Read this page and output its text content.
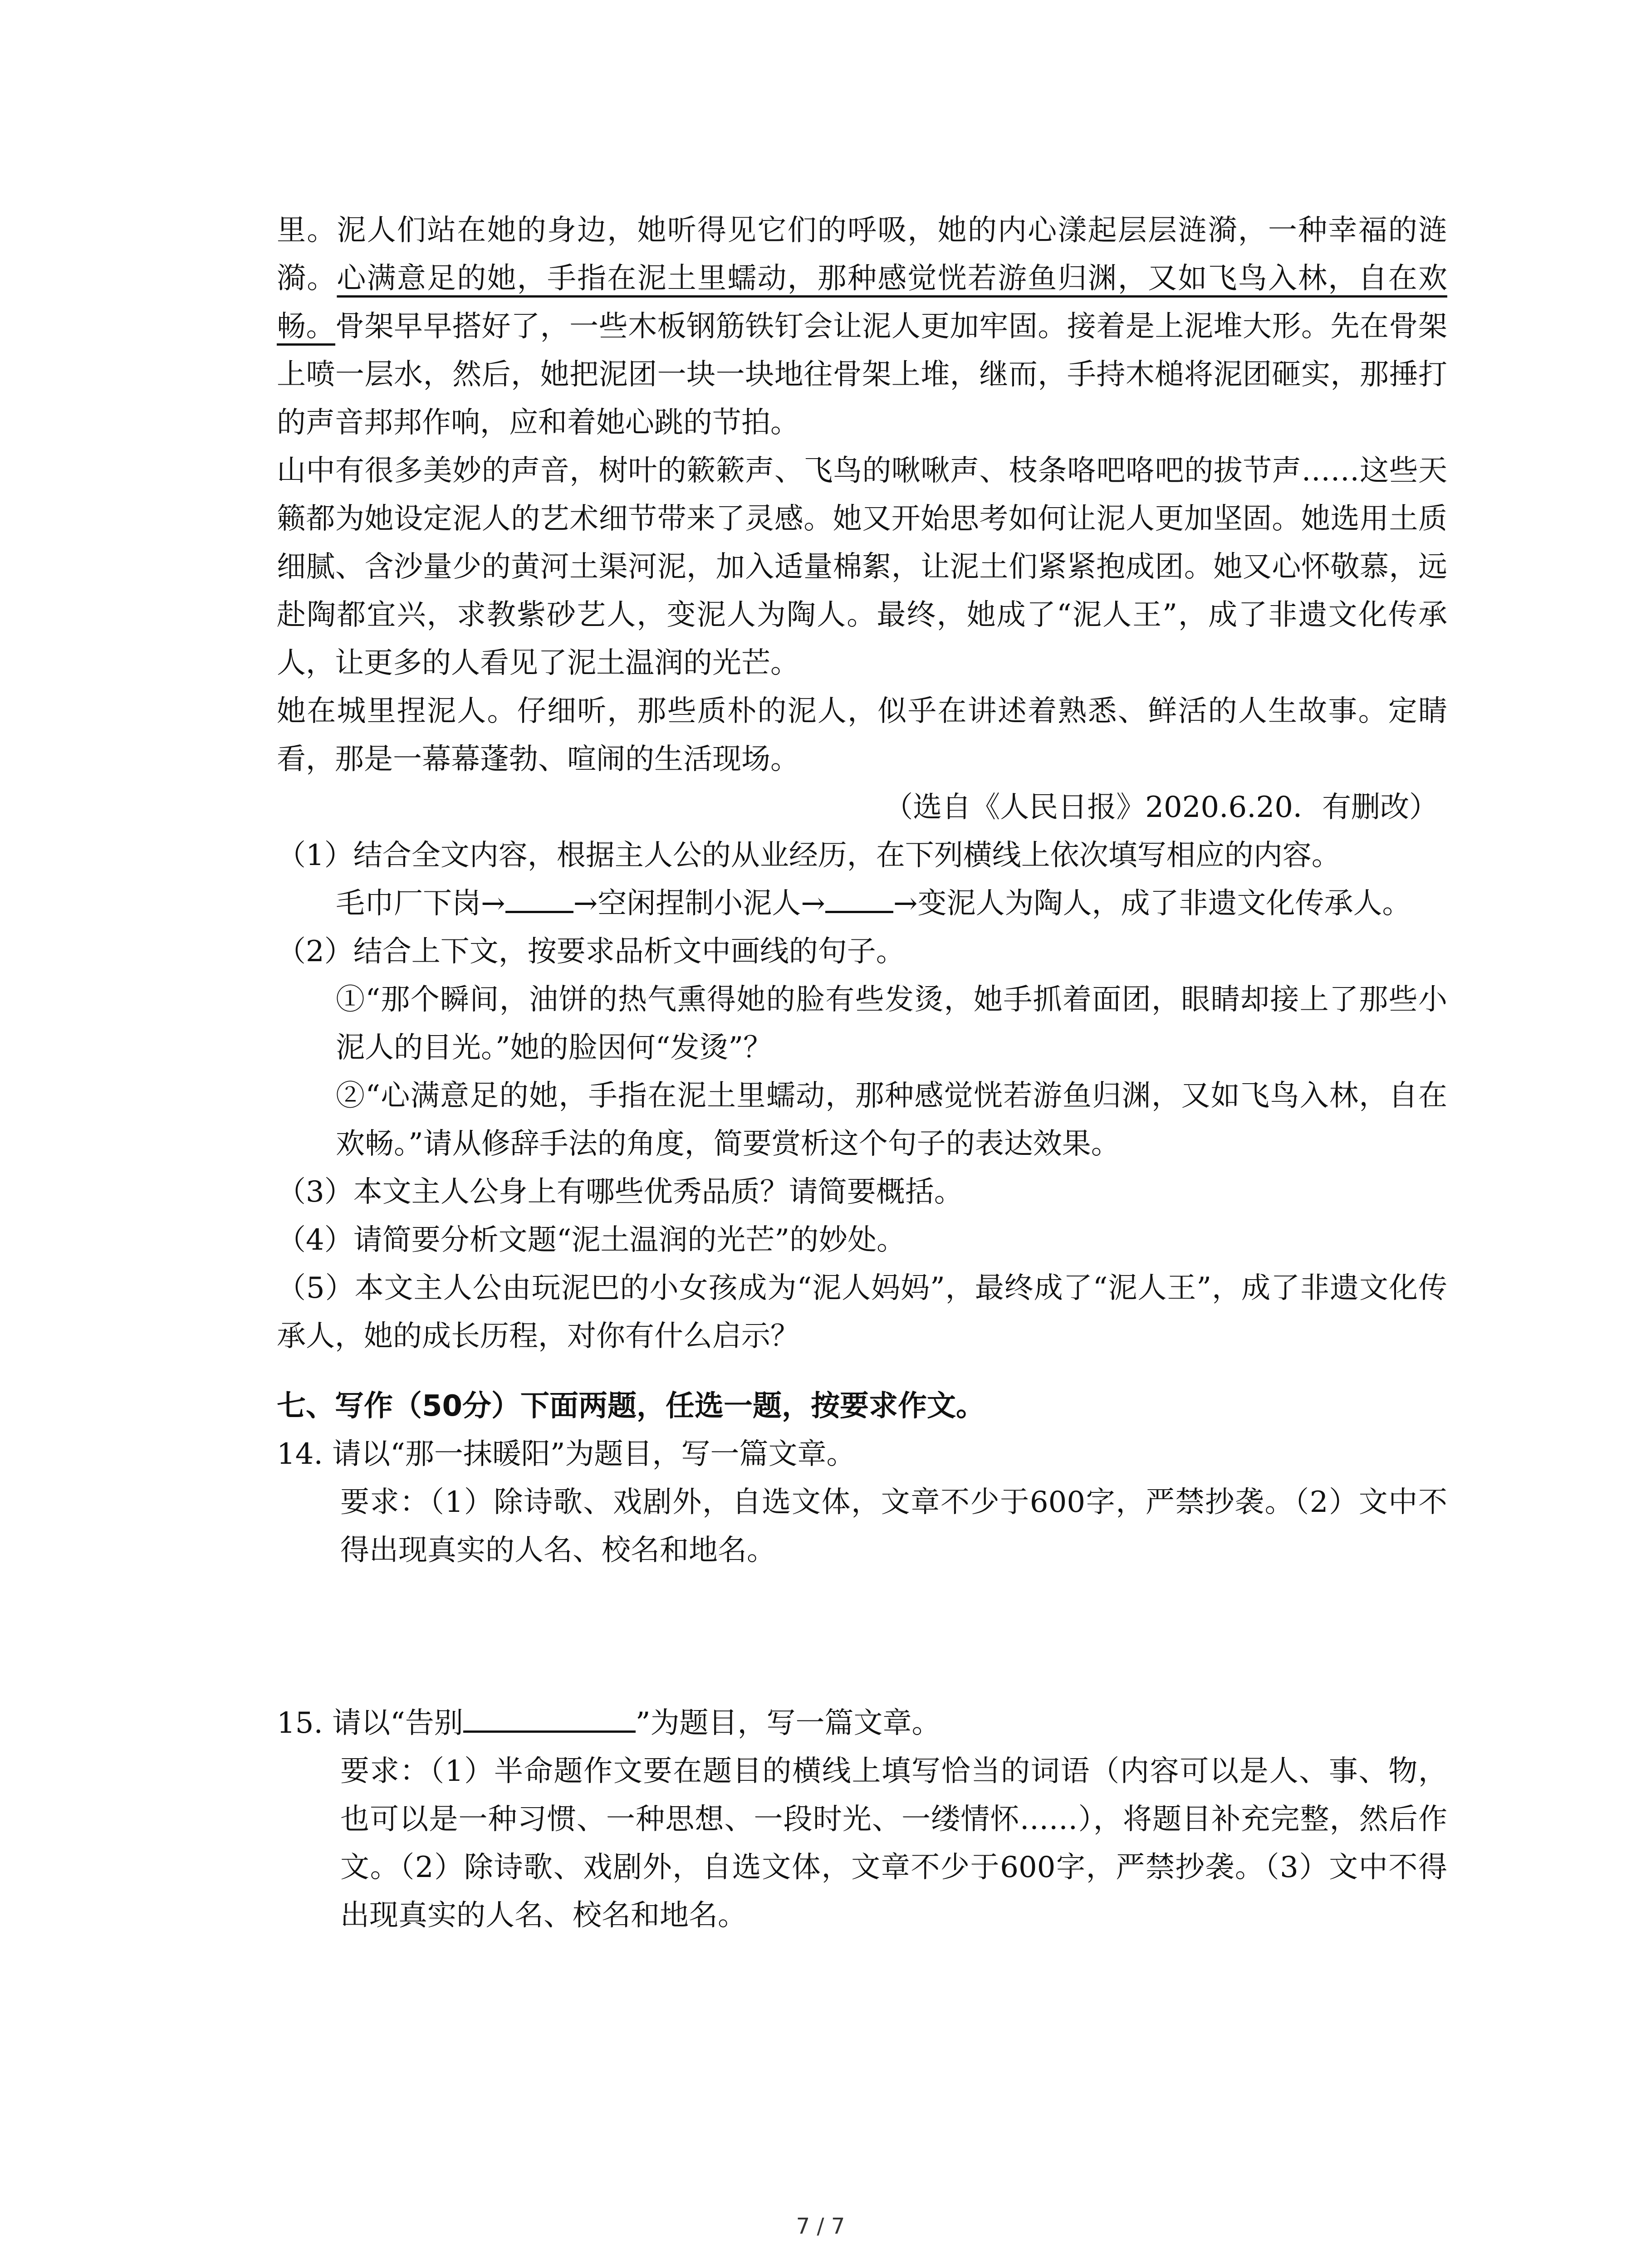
里。泥人们站在她的身边，她听得见它们的呼吸，她的内心漾起层层涟漪，一种幸福的涟漪。心满意足的她，手指在泥土里蠕动，那种感觉恍若游鱼归渊，又如飞鸟入林，自在欢畅。骨架早早搭好了，一些木板钢筋铁钉会让泥人更加牢固。接着是上泥堆大形。先在骨架上喷一层水，然后，她把泥团一块一块地往骨架上堆，继而，手持木槌将泥团砸实，那捶打的声音邦邦作响，应和着她心跳的节拍。

山中有很多美妙的声音，树叶的簌簌声、飞鸟的啾啾声、枝条咯吧咯吧的拔节声……这些天籁都为她设定泥人的艺术细节带来了灵感。她又开始思考如何让泥人更加坚固。她选用土质细腻、含沙量少的黄河土渠河泥，加入适量棉絮，让泥土们紧紧抱成团。她又心怀敬慕，远赴陶都宜兴，求教紫砂艺人，变泥人为陶人。最终，她成了“泥人王”，成了非遗文化传承人，让更多的人看见了泥土温润的光芒。

她在城里捏泥人。仔细听，那些质朴的泥人，似乎在讲述着熟悉、鲜活的人生故事。定睛看，那是一幕幕蓬勃、喧闹的生活现场。

（选自《人民日报》2020.6.20．有删改）

（1）结合全文内容，根据主人公的从业经历，在下列横线上依次填写相应的内容。

毛巾厂下岗→ →空闲捏制小泥人→ →变泥人为陶人，成了非遗文化传承人。

（2）结合上下文，按要求品析文中画线的句子。

①“那个瞬间，油饼的热气熏得她的脸有些发烫，她手抓着面团，眼睛却接上了那些小泥人的目光。”她的脸因何“发烫”？

②“心满意足的她，手指在泥土里蠕动，那种感觉恍若游鱼归渊，又如飞鸟入林，自在欢畅。”请从修辞手法的角度，简要赏析这个句子的表达效果。

（3）本文主人公身上有哪些优秀品质？请简要概括。

（4）请简要分析文题“泥土温润的光芒”的妙处。

（5）本文主人公由玩泥巴的小女孩成为“泥人妈妈”，最终成了“泥人王”，成了非遗文化传承人，她的成长历程，对你有什么启示？

七、写作（50分）下面两题，任选一题，按要求作文。

14. 请以“那一抹暖阳”为题目，写一篇文章。

要求：（1）除诗歌、戏剧外，自选文体，文章不少于600字，严禁抄袭。（2）文中不得出现真实的人名、校名和地名。

15. 请以“告别	”为题目，写一篇文章。

要求：（1）半命题作文要在题目的横线上填写恰当的词语（内容可以是人、事、物，也可以是一种习惯、一种思想、一段时光、一缕情怀……），将题目补充完整，然后作文。（2）除诗歌、戏剧外，自选文体，文章不少于600字，严禁抄袭。（3）文中不得出现真实的人名、校名和地名。

7 / 7
